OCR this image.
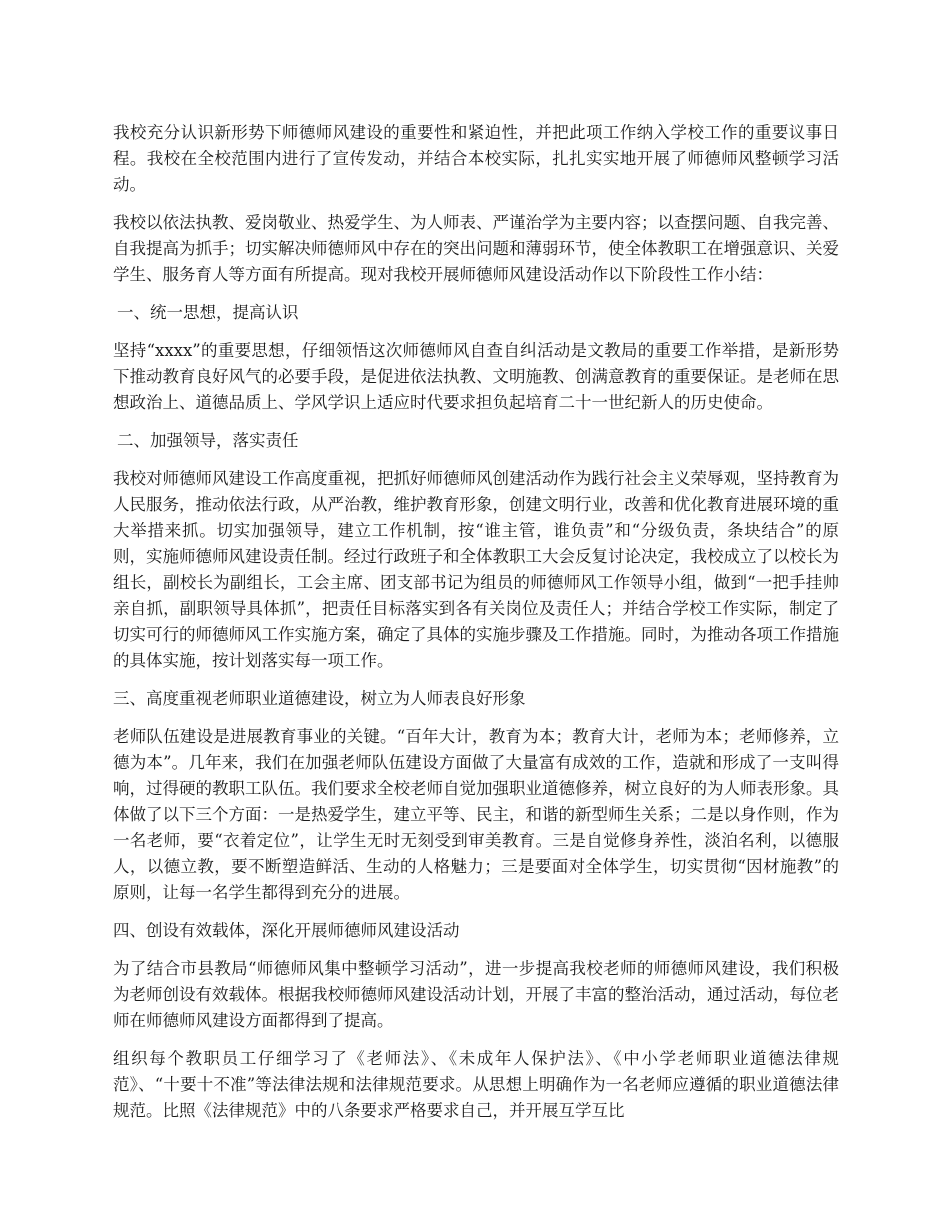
我校充分认识新形势下师德师风建设的重要性和紧迫性，并把此项工作纳入学校工作的重要议事日程。我校在全校范围内进行了宣传发动，并结合本校实际，扎扎实实地开展了师德师风整顿学习活动。

我校以依法执教、爱岗敬业、热爱学生、为人师表、严谨治学为主要内容；以查摆问题、自我完善、自我提高为抓手；切实解决师德师风中存在的突出问题和薄弱环节，使全体教职工在增强意识、关爱学生、服务育人等方面有所提高。现对我校开展师德师风建设活动作以下阶段性工作小结：

一、统一思想，提高认识

坚持“xxxx”的重要思想，仔细领悟这次师德师风自查自纠活动是文教局的重要工作举措，是新形势下推动教育良好风气的必要手段，是促进依法执教、文明施教、创满意教育的重要保证。是老师在思想政治上、道德品质上、学风学识上适应时代要求担负起培育二十一世纪新人的历史使命。

二、加强领导，落实责任

我校对师德师风建设工作高度重视，把抓好师德师风创建活动作为践行社会主义荣辱观，坚持教育为人民服务，推动依法行政，从严治教，维护教育形象，创建文明行业，改善和优化教育进展环境的重大举措来抓。切实加强领导，建立工作机制，按“谁主管，谁负责”和“分级负责，条块结合”的原则，实施师德师风建设责任制。经过行政班子和全体教职工大会反复讨论决定，我校成立了以校长为组长，副校长为副组长，工会主席、团支部书记为组员的师德师风工作领导小组，做到“一把手挂帅亲自抓，副职领导具体抓”，把责任目标落实到各有关岗位及责任人；并结合学校工作实际，制定了切实可行的师德师风工作实施方案，确定了具体的实施步骤及工作措施。同时，为推动各项工作措施的具体实施，按计划落实每一项工作。

三、高度重视老师职业道德建设，树立为人师表良好形象

老师队伍建设是进展教育事业的关键。“百年大计，教育为本；教育大计，老师为本；老师修养，立德为本”。几年来，我们在加强老师队伍建设方面做了大量富有成效的工作，造就和形成了一支叫得响，过得硬的教职工队伍。我们要求全校老师自觉加强职业道德修养，树立良好的为人师表形象。具体做了以下三个方面：一是热爱学生，建立平等、民主，和谐的新型师生关系；二是以身作则，作为一名老师，要“衣着定位”，让学生无时无刻受到审美教育。三是自觉修身养性，淡泊名利，以德服人，以德立教，要不断塑造鲜活、生动的人格魅力；三是要面对全体学生，切实贯彻“因材施教”的原则，让每一名学生都得到充分的进展。

四、创设有效载体，深化开展师德师风建设活动

为了结合市县教局“师德师风集中整顿学习活动”，进一步提高我校老师的师德师风建设，我们积极为老师创设有效载体。根据我校师德师风建设活动计划，开展了丰富的整治活动，通过活动，每位老师在师德师风建设方面都得到了提高。

组织每个教职员工仔细学习了《老师法》、《未成年人保护法》、《中小学老师职业道德法律规范》、“十要十不准”等法律法规和法律规范要求。从思想上明确作为一名老师应遵循的职业道德法律规范。比照《法律规范》中的八条要求严格要求自己，并开展互学互比
